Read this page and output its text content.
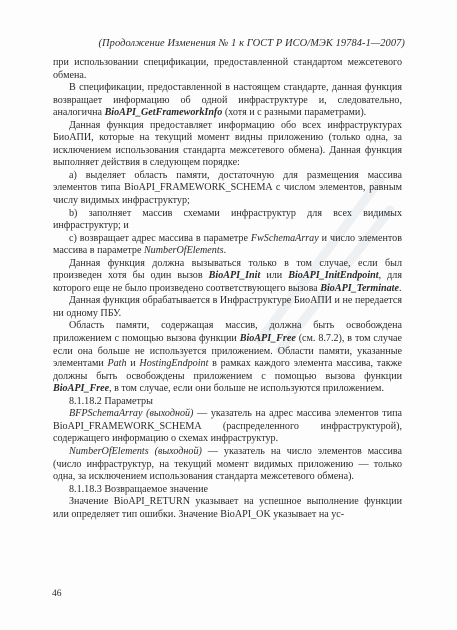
(Продолжение Изменения № 1 к ГОСТ Р ИСО/МЭК 19784-1—2007)

при использовании спецификации, предоставленной стандартом межсетевого обмена.

В спецификации, предоставленной в настоящем стандарте, данная функция возвращает информацию об одной инфраструктуре и, следовательно, аналогична BioAPI_GetFrameworkInfo (хотя и с разными параметрами).

Данная функция предоставляет информацию обо всех инфраструктурах БиоАПИ, которые на текущий момент видны приложению (только одна, за исключением использования стандарта межсетевого обмена). Данная функция выполняет действия в следующем порядке:

a) выделяет область памяти, достаточную для размещения массива элементов типа BioAPI_FRAMEWORK_SCHEMA с числом элементов, равным числу видимых инфраструктур;

b) заполняет массив схемами инфраструктур для всех видимых инфраструктур; и

c) возвращает адрес массива в параметре FwSchemaArray и число элементов массива в параметре NumberOfElements.

Данная функция должна вызываться только в том случае, если был произведен хотя бы один вызов BioAPI_Init или BioAPI_InitEndpoint, для которого еще не было произведено соответствующего вызова BioAPI_Terminate.

Данная функция обрабатывается в Инфраструктуре БиоАПИ и не передается ни одному ПБУ.

Область памяти, содержащая массив, должна быть освобождена приложением с помощью вызова функции BioAPI_Free (см. 8.7.2), в том случае если она больше не используется приложением. Области памяти, указанные элементами Path и HostingEndpoint в рамках каждого элемента массива, также должны быть освобождены приложением с помощью вызова функции BioAPI_Free, в том случае, если они больше не используются приложением.

8.1.18.2 Параметры

BFPSchemaArray (выходной) — указатель на адрес массива элементов типа BioAPI_FRAMEWORK_SCHEMA (распределенного инфраструктурой), содержащего информацию о схемах инфраструктур.

NumberOfElements (выходной) — указатель на число элементов массива (число инфраструктур, на текущий момент видимых приложению — только одна, за исключением использования стандарта межсетевого обмена).

8.1.18.3 Возвращаемое значение

Значение BioAPI_RETURN указывает на успешное выполнение функции или определяет тип ошибки. Значение BioAPI_OK указывает на ус-

46
